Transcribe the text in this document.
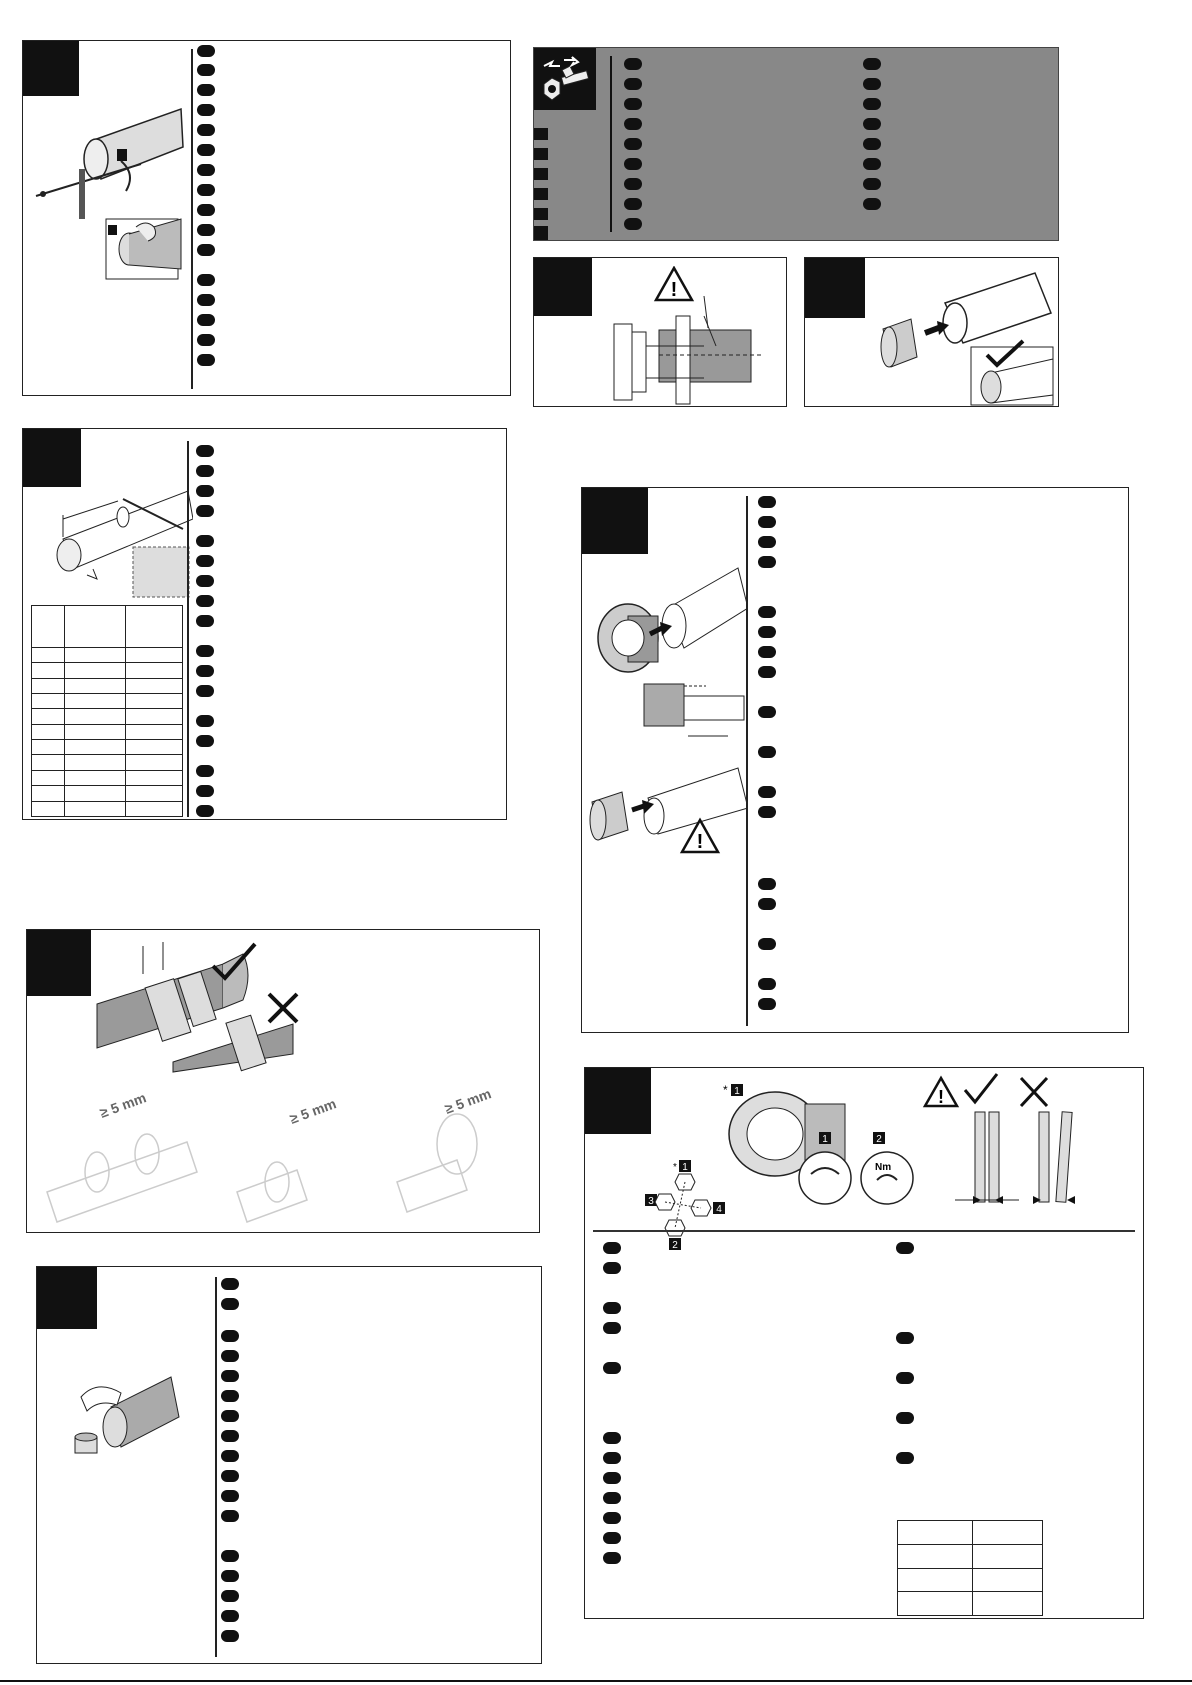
!

!
≥ 5 mm	≥ 5 mm	≥ 5 mm
1
*
3
4
2
* 1
1	2
Nm
!
